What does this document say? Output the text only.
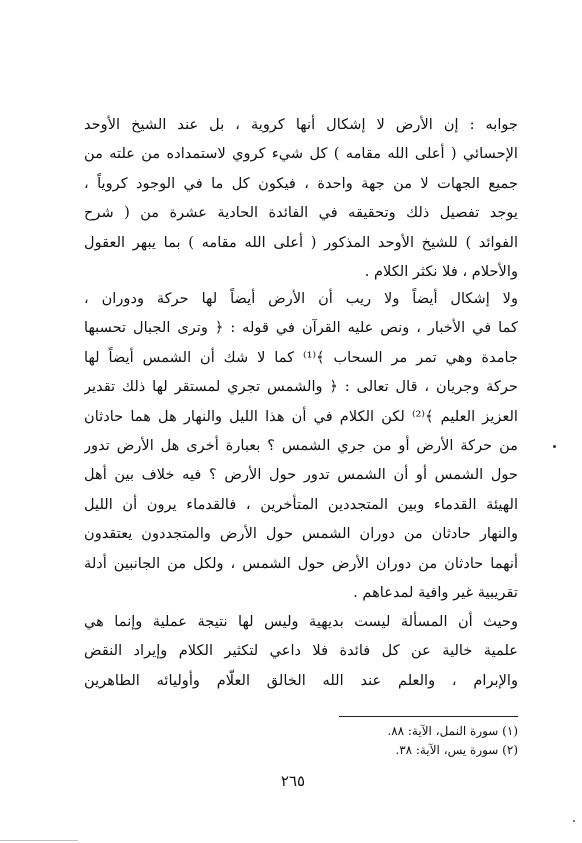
جوابه : إن الأرض لا إشكال أنها كروية ، بل عند الشيخ الأوحد
الإحسائي ( أعلى الله مقامه ) كل شيء كروي لاستمداده من علته من
جميع الجهات لا من جهة واحدة ، فيكون كل ما في الوجود كروياً ،
يوجد تفصيل ذلك وتحقيقه في الفائدة الحادية عشرة من ( شرح
الفوائد ) للشيخ الأوحد المذكور ( أعلى الله مقامه ) بما يبهر العقول
والأحلام ، فلا نكثر الكلام .
ولا إشكال أيضاً ولا ريب أن الأرض أيضاً لها حركة ودوران ،
كما في الأخبار ، ونص عليه القرآن في قوله : ﴿ وترى الجبال تحسبها
جامدة وهي تمر مر السحاب ﴾⁽¹⁾ كما لا شك أن الشمس أيضاً لها
حركة وجريان ، قال تعالى : ﴿ والشمس تجري لمستقر لها ذلك تقدير
العزيز العليم ﴾⁽²⁾ لكن الكلام في أن هذا الليل والنهار هل هما حادثان
من حركة الأرض أو من جري الشمس ؟ بعبارة أخرى هل الأرض تدور
حول الشمس أو أن الشمس تدور حول الأرض ؟ فيه خلاف بين أهل
الهيئة القدماء وبين المتجددين المتأخرين ، فالقدماء يرون أن الليل
والنهار حادثان من دوران الشمس حول الأرض والمتجددون يعتقدون
أنهما حادثان من دوران الأرض حول الشمس ، ولكل من الجانبين أدلة
تقريبية غير وافية لمدعاهم .
وحيث أن المسألة ليست بديهية وليس لها نتيجة عملية وإنما هي
علمية خالية عن كل فائدة فلا داعي لتكثير الكلام وإيراد النقض
والإبرام ، والعلم عند الله الخالق العلّام وأوليائه الطاهرين
(١) سورة النمل، الآية: ٨٨.
(٢) سورة يس، الآية: ٣٨.
٢٦٥
